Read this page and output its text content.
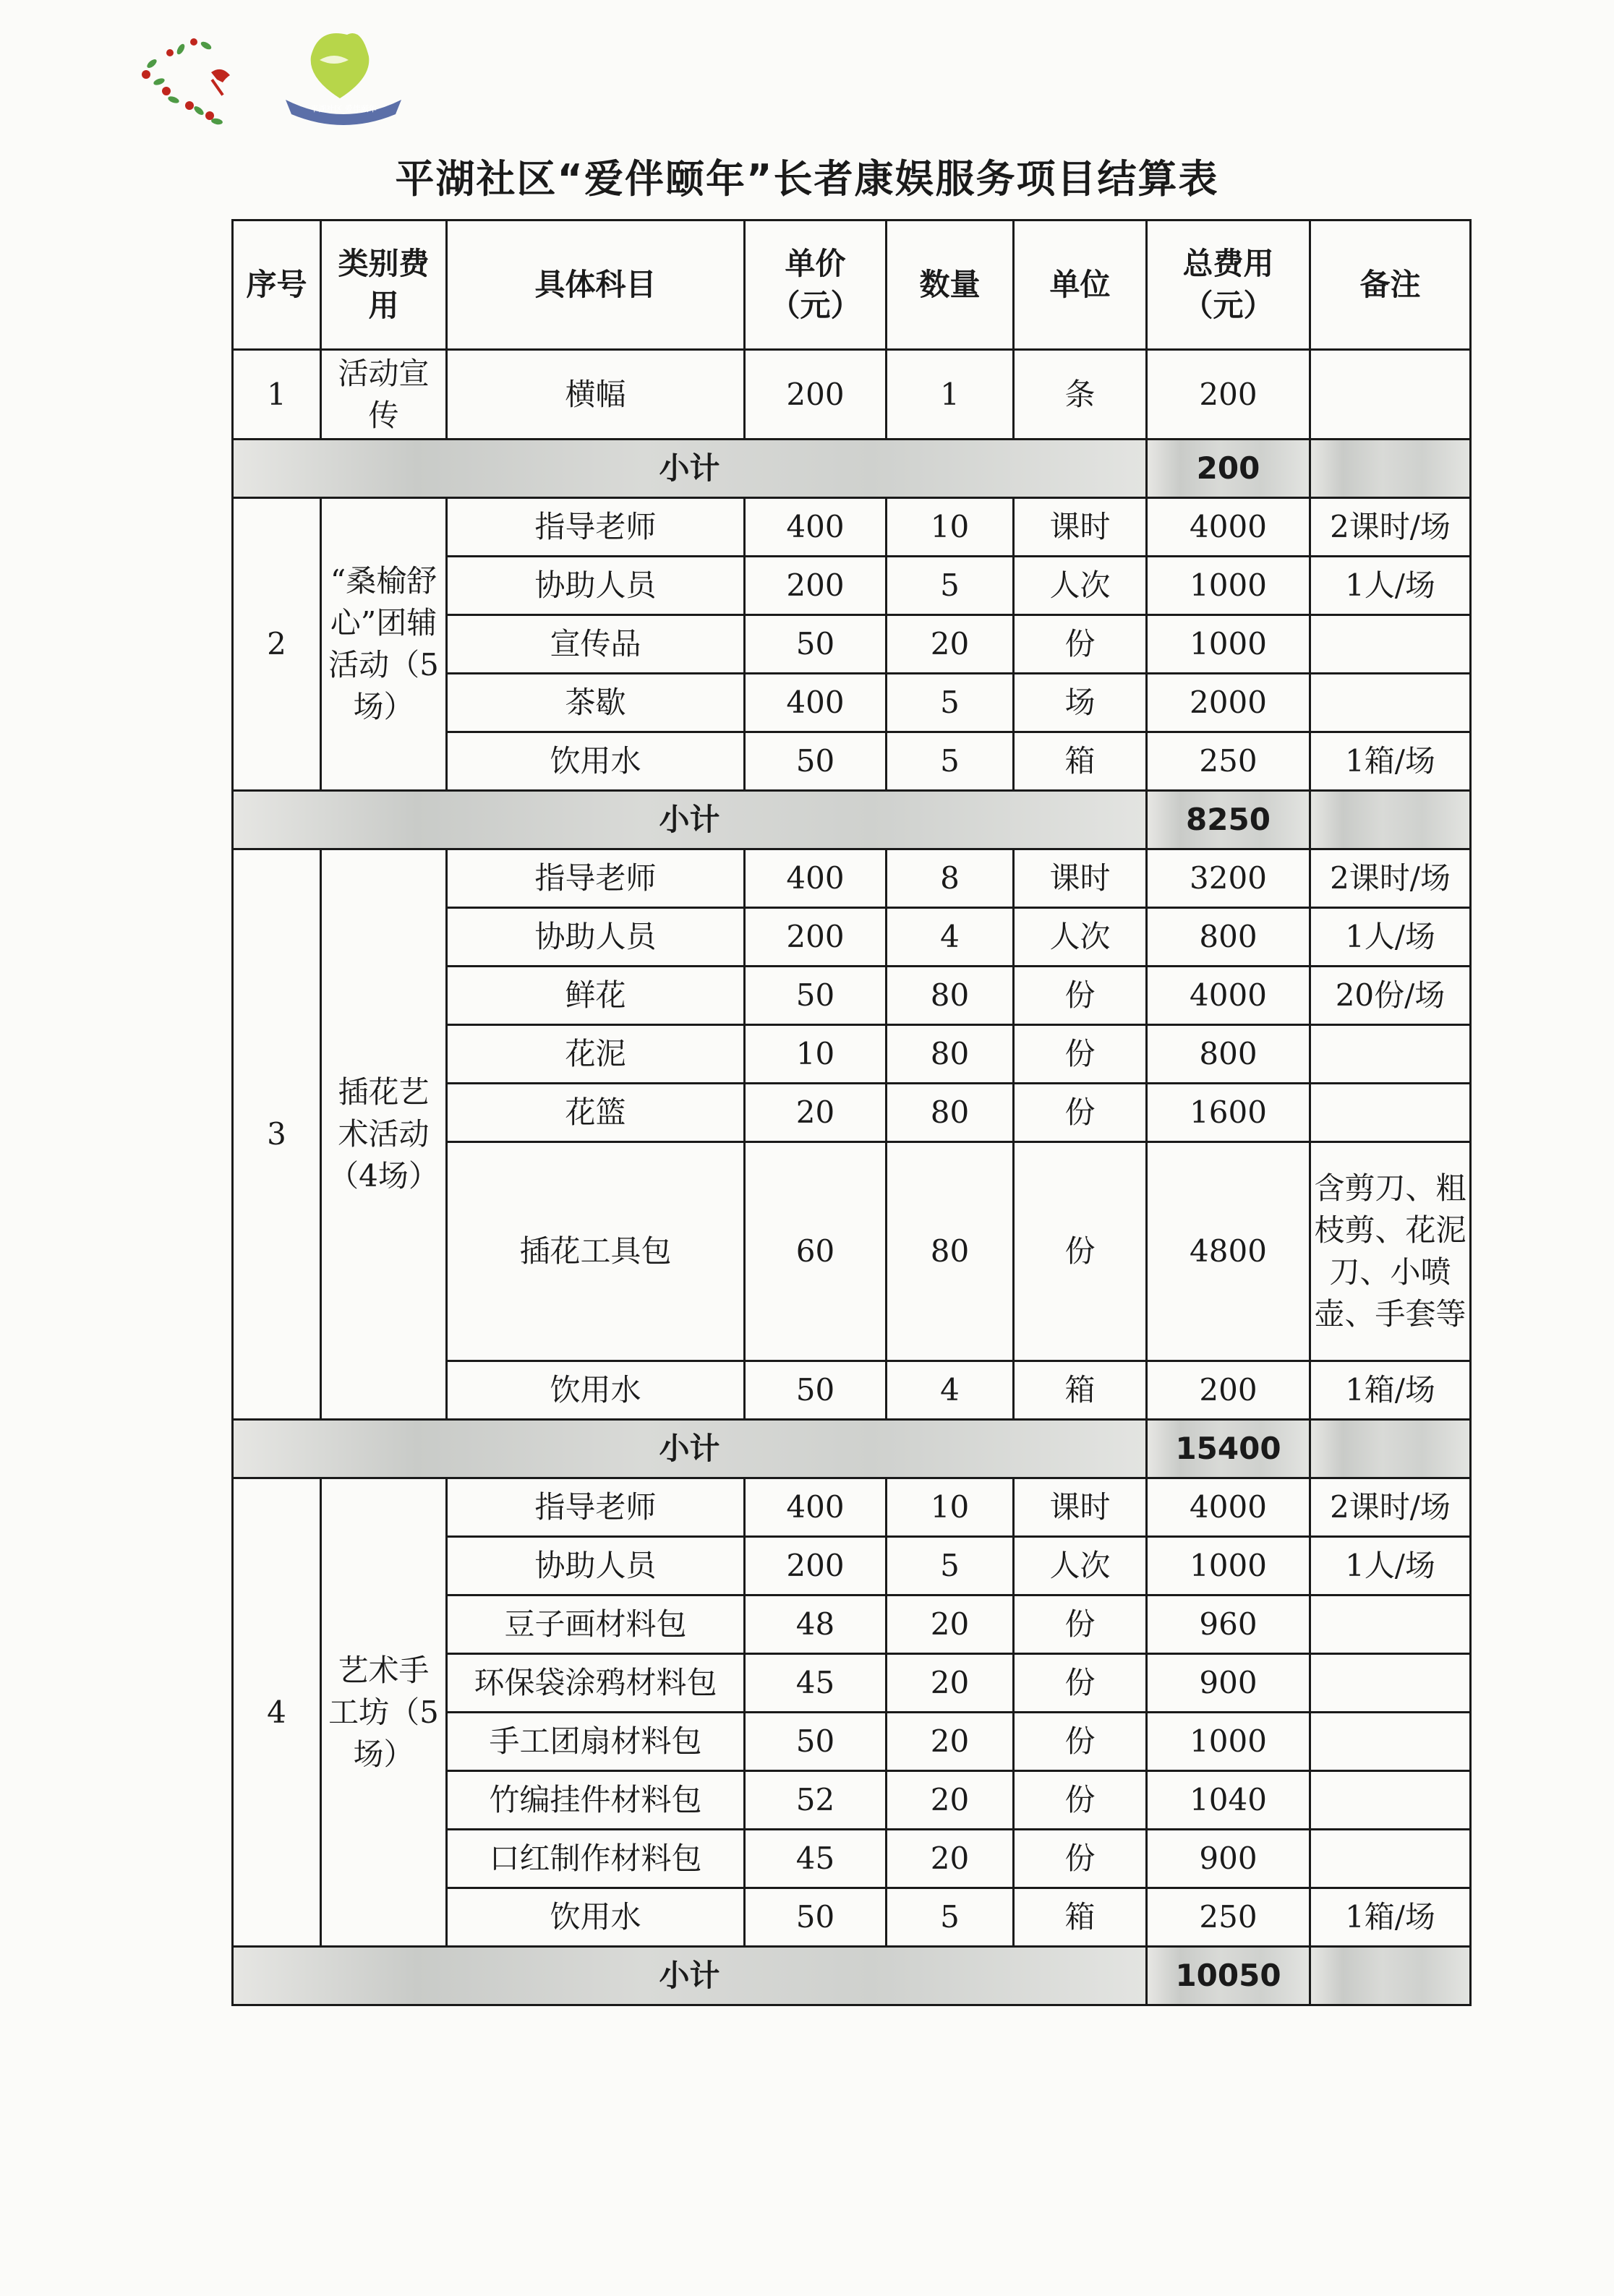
平湖社区 爱伴颐年
平湖社区“爱伴颐年”长者康娱服务项目结算表
序号	类别费用	具体科目	单价（元）	数量	单位	总费用（元）	备注
1	活动宣传	横幅	200	1	条	200	
小计						200	
2	“桑榆舒心”团辅活动（5场）	指导老师	400	10	课时	4000	2课时/场
		协助人员	200	5	人次	1000	1人/场
		宣传品	50	20	份	1000	
		茶歇	400	5	场	2000	
		饮用水	50	5	箱	250	1箱/场
小计						8250	
3	插花艺术活动（4场）	指导老师	400	8	课时	3200	2课时/场
		协助人员	200	4	人次	800	1人/场
		鲜花	50	80	份	4000	20份/场
		花泥	10	80	份	800	
		花篮	20	80	份	1600	
		插花工具包	60	80	份	4800	含剪刀、粗枝剪、花泥刀、小喷壶、手套等
		饮用水	50	4	箱	200	1箱/场
小计						15400	
4	艺术手工坊（5场）	指导老师	400	10	课时	4000	2课时/场
		协助人员	200	5	人次	1000	1人/场
		豆子画材料包	48	20	份	960	
		环保袋涂鸦材料包	45	20	份	900	
		手工团扇材料包	50	20	份	1000	
		竹编挂件材料包	52	20	份	1040	
		口红制作材料包	45	20	份	900	
		饮用水	50	5	箱	250	1箱/场
小计						10050	
